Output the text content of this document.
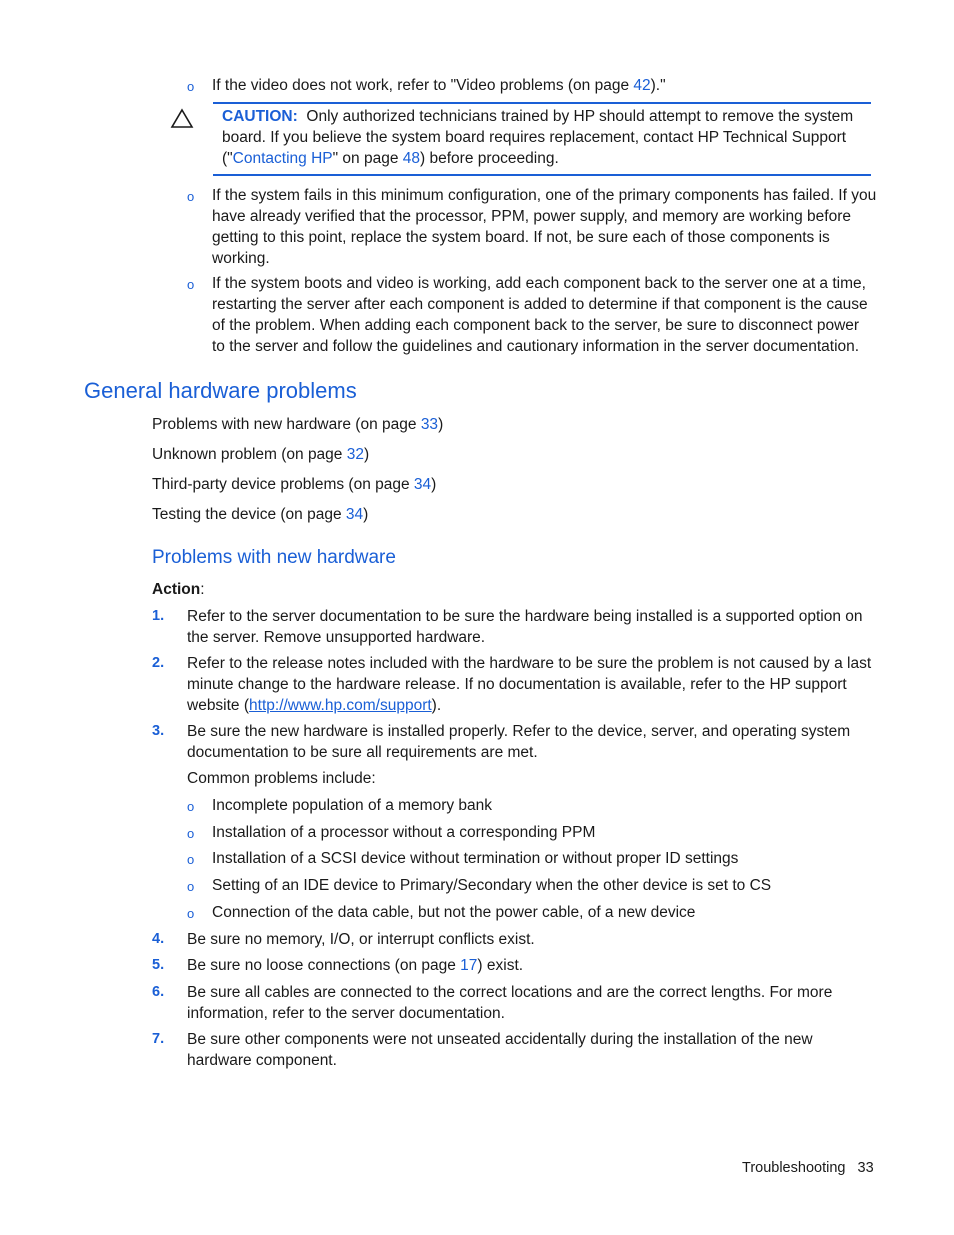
o If the video does not work, refer to "Video problems (on page 42)."
CAUTION: Only authorized technicians trained by HP should attempt to remove the system
board. If you believe the system board requires replacement, contact HP Technical Support
("Contacting HP" on page 48) before proceeding.
o If the system fails in this minimum configuration, one of the primary components has failed. If you
have already verified that the processor, PPM, power supply, and memory are working before
getting to this point, replace the system board. If not, be sure each of those components is
working.
o If the system boots and video is working, add each component back to the server one at a time,
restarting the server after each component is added to determine if that component is the cause
of the problem. When adding each component back to the server, be sure to disconnect power
to the server and follow the guidelines and cautionary information in the server documentation.
General hardware problems
Problems with new hardware (on page 33)
Unknown problem (on page 32)
Third-party device problems (on page 34)
Testing the device (on page 34)
Problems with new hardware
Action:
1. Refer to the server documentation to be sure the hardware being installed is a supported option on
the server. Remove unsupported hardware.
2. Refer to the release notes included with the hardware to be sure the problem is not caused by a last
minute change to the hardware release. If no documentation is available, refer to the HP support
website (http://www.hp.com/support).
3. Be sure the new hardware is installed properly. Refer to the device, server, and operating system
documentation to be sure all requirements are met.
Common problems include:
o Incomplete population of a memory bank
o Installation of a processor without a corresponding PPM
o Installation of a SCSI device without termination or without proper ID settings
o Setting of an IDE device to Primary/Secondary when the other device is set to CS
o Connection of the data cable, but not the power cable, of a new device
4. Be sure no memory, I/O, or interrupt conflicts exist.
5. Be sure no loose connections (on page 17) exist.
6. Be sure all cables are connected to the correct locations and are the correct lengths. For more
information, refer to the server documentation.
7. Be sure other components were not unseated accidentally during the installation of the new
hardware component.
Troubleshooting 33
